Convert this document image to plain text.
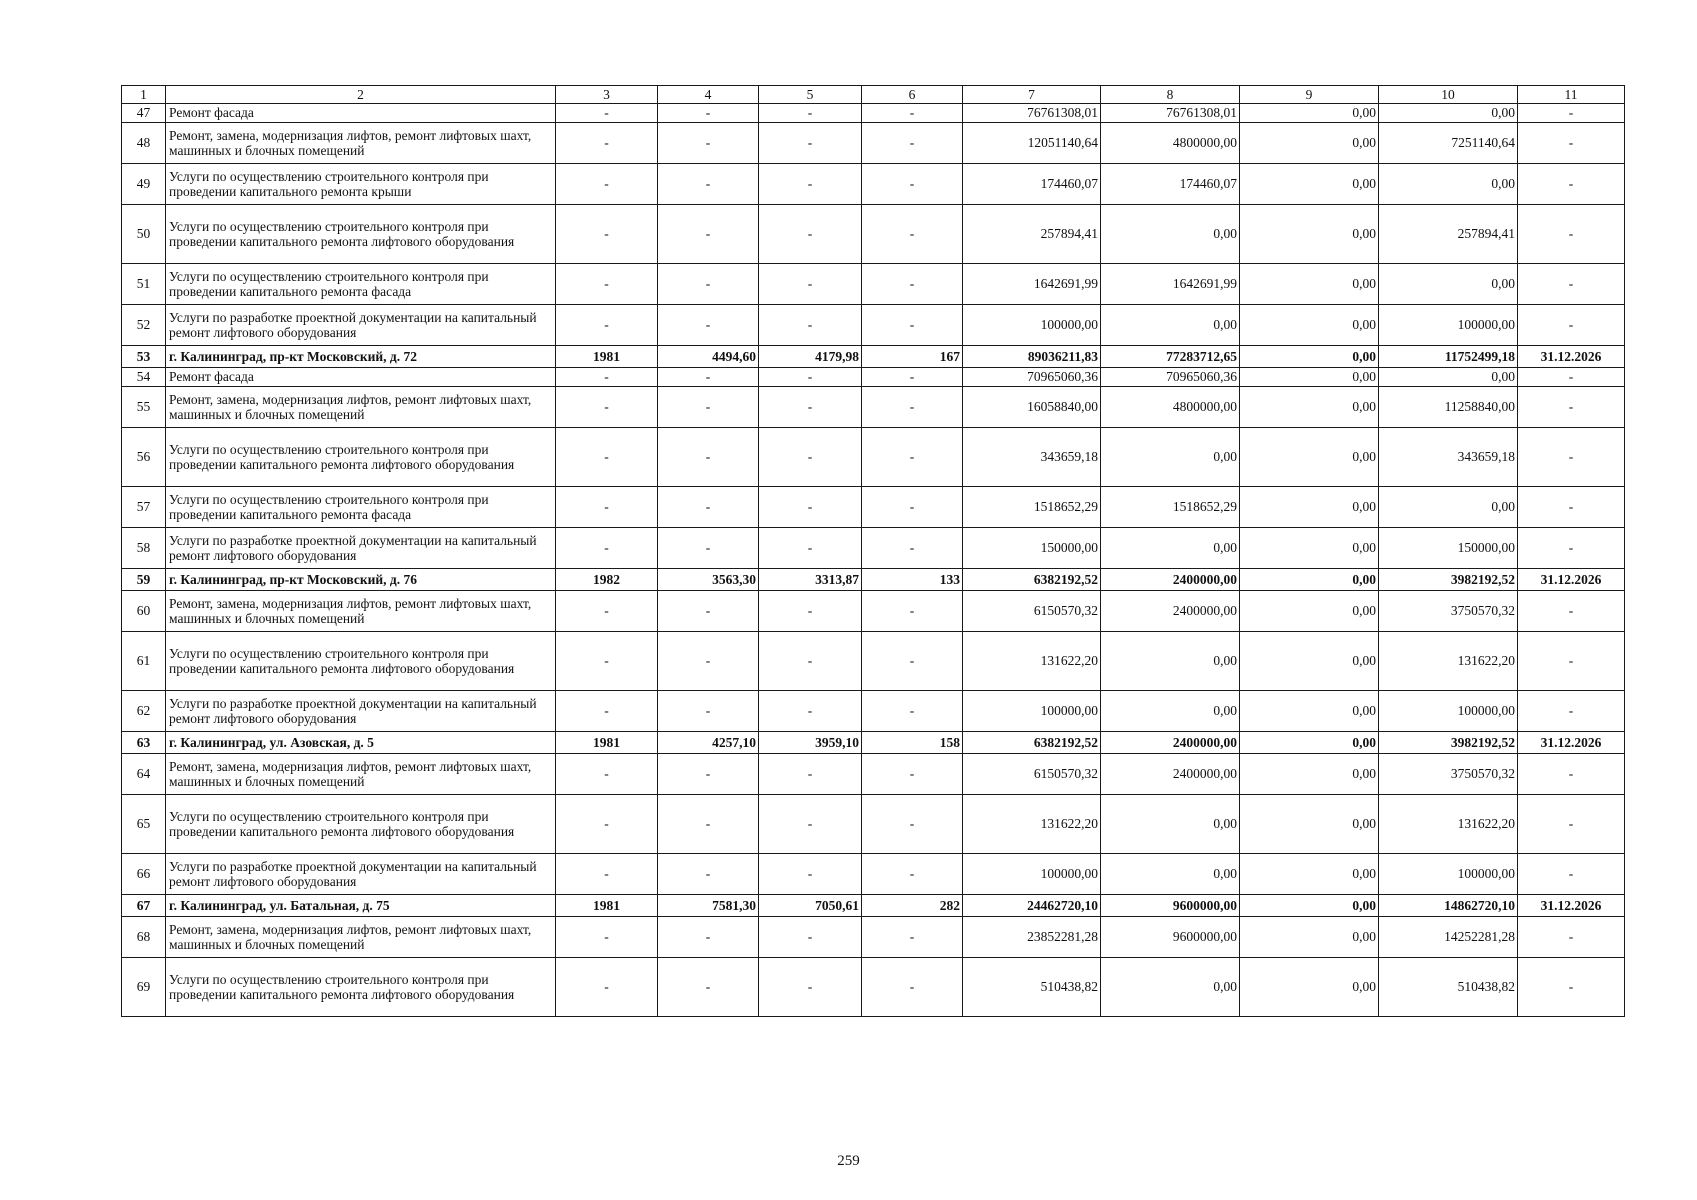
1	2	3	4	5	6	7	8	9	10	11
47	Ремонт фасада	-	-	-	-	76761308,01	76761308,01	0,00	0,00	-
48	Ремонт, замена, модернизация лифтов, ремонт лифтовых шахт, машинных и блочных помещений	-	-	-	-	12051140,64	4800000,00	0,00	7251140,64	-
49	Услуги по осуществлению строительного контроля при проведении капитального ремонта крыши	-	-	-	-	174460,07	174460,07	0,00	0,00	-
50	Услуги по осуществлению строительного контроля при проведении капитального ремонта лифтового оборудования	-	-	-	-	257894,41	0,00	0,00	257894,41	-
51	Услуги по осуществлению строительного контроля при проведении капитального ремонта фасада	-	-	-	-	1642691,99	1642691,99	0,00	0,00	-
52	Услуги по разработке проектной документации на капитальный ремонт лифтового оборудования	-	-	-	-	100000,00	0,00	0,00	100000,00	-
53	г. Калининград, пр-кт Московский, д. 72	1981	4494,60	4179,98	167	89036211,83	77283712,65	0,00	11752499,18	31.12.2026
54	Ремонт фасада	-	-	-	-	70965060,36	70965060,36	0,00	0,00	-
55	Ремонт, замена, модернизация лифтов, ремонт лифтовых шахт, машинных и блочных помещений	-	-	-	-	16058840,00	4800000,00	0,00	11258840,00	-
56	Услуги по осуществлению строительного контроля при проведении капитального ремонта лифтового оборудования	-	-	-	-	343659,18	0,00	0,00	343659,18	-
57	Услуги по осуществлению строительного контроля при проведении капитального ремонта фасада	-	-	-	-	1518652,29	1518652,29	0,00	0,00	-
58	Услуги по разработке проектной документации на капитальный ремонт лифтового оборудования	-	-	-	-	150000,00	0,00	0,00	150000,00	-
59	г. Калининград, пр-кт Московский, д. 76	1982	3563,30	3313,87	133	6382192,52	2400000,00	0,00	3982192,52	31.12.2026
60	Ремонт, замена, модернизация лифтов, ремонт лифтовых шахт, машинных и блочных помещений	-	-	-	-	6150570,32	2400000,00	0,00	3750570,32	-
61	Услуги по осуществлению строительного контроля при проведении капитального ремонта лифтового оборудования	-	-	-	-	131622,20	0,00	0,00	131622,20	-
62	Услуги по разработке проектной документации на капитальный ремонт лифтового оборудования	-	-	-	-	100000,00	0,00	0,00	100000,00	-
63	г. Калининград, ул. Азовская, д. 5	1981	4257,10	3959,10	158	6382192,52	2400000,00	0,00	3982192,52	31.12.2026
64	Ремонт, замена, модернизация лифтов, ремонт лифтовых шахт, машинных и блочных помещений	-	-	-	-	6150570,32	2400000,00	0,00	3750570,32	-
65	Услуги по осуществлению строительного контроля при проведении капитального ремонта лифтового оборудования	-	-	-	-	131622,20	0,00	0,00	131622,20	-
66	Услуги по разработке проектной документации на капитальный ремонт лифтового оборудования	-	-	-	-	100000,00	0,00	0,00	100000,00	-
67	г. Калининград, ул. Батальная, д. 75	1981	7581,30	7050,61	282	24462720,10	9600000,00	0,00	14862720,10	31.12.2026
68	Ремонт, замена, модернизация лифтов, ремонт лифтовых шахт, машинных и блочных помещений	-	-	-	-	23852281,28	9600000,00	0,00	14252281,28	-
69	Услуги по осуществлению строительного контроля при проведении капитального ремонта лифтового оборудования	-	-	-	-	510438,82	0,00	0,00	510438,82	-
259
